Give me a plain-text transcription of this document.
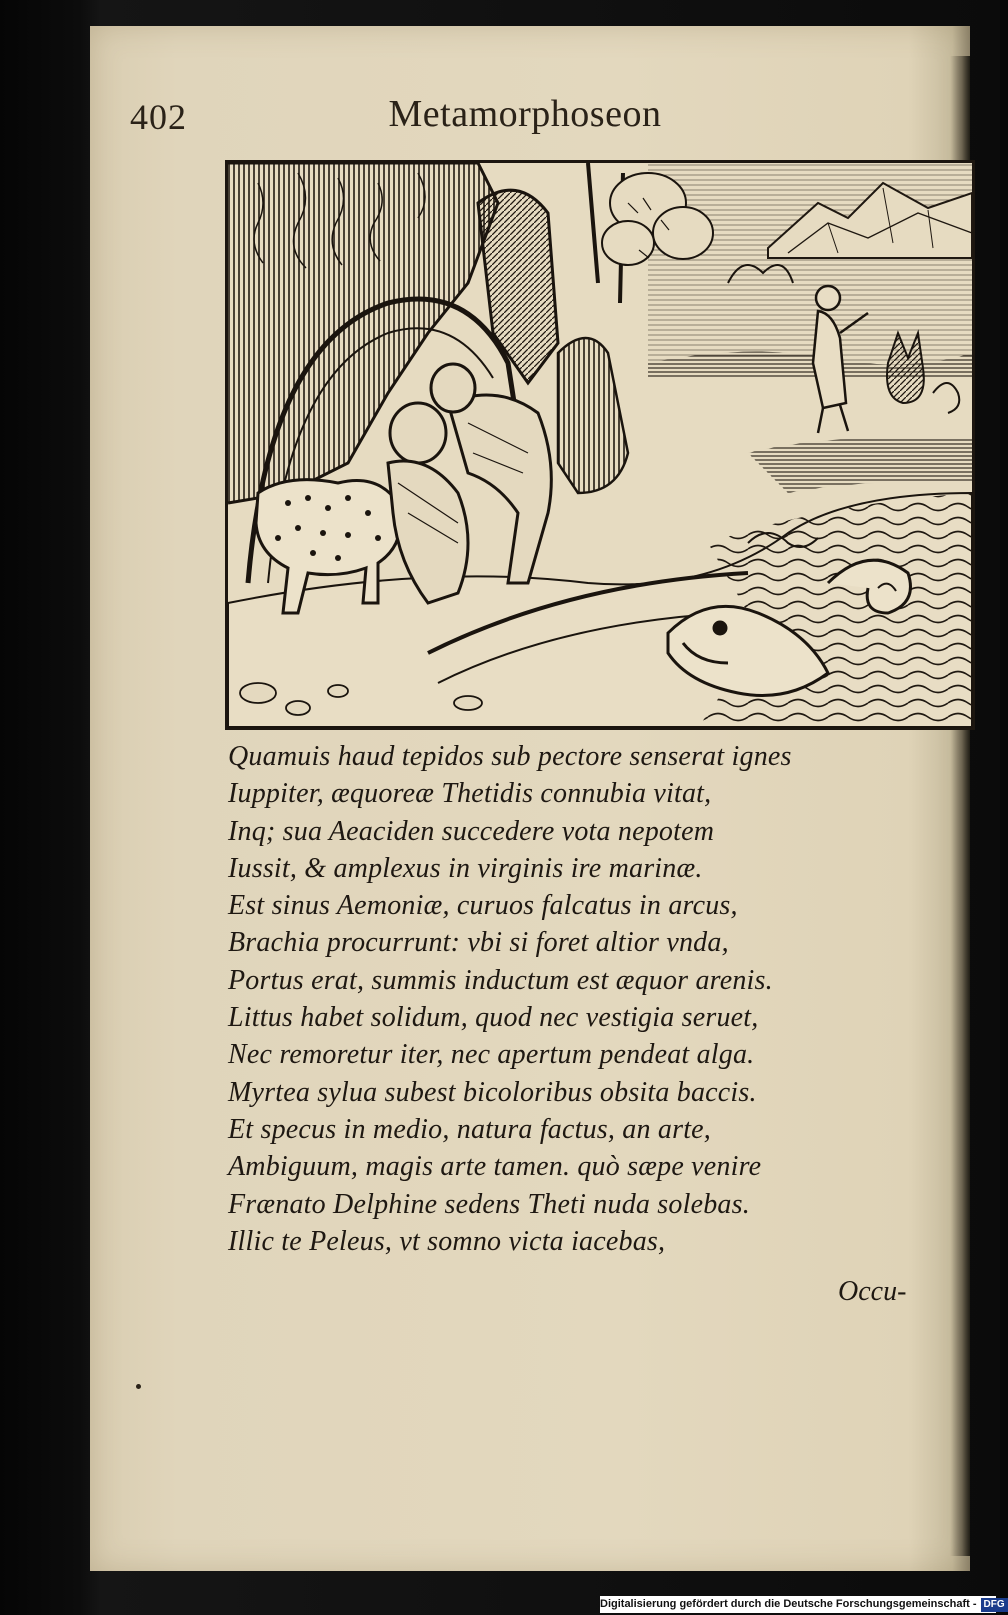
402	Metamorphoseon
Quamuis haud tepidos sub pectore senserat ignes
Iuppiter, æquoreæ Thetidis connubia vitat,
Inq; sua Aeaciden succedere vota nepotem
Iussit, & amplexus in virginis ire marinæ.
Est sinus Aemoniæ, curuos falcatus in arcus,
Brachia procurrunt: vbi si foret altior vnda,
Portus erat, summis inductum est æquor arenis.
Littus habet solidum, quod nec vestigia seruet,
Nec remoretur iter, nec apertum pendeat alga.
Myrtea sylua subest bicoloribus obsita baccis.
Et specus in medio, natura factus, an arte,
Ambiguum, magis arte tamen. quò sæpe venire
Frænato Delphine sedens Theti nuda solebas.
Illic te Peleus, vt somno victa iacebas,
Occu-
Digitalisierung gefördert durch die Deutsche Forschungsgemeinschaft - DFG
